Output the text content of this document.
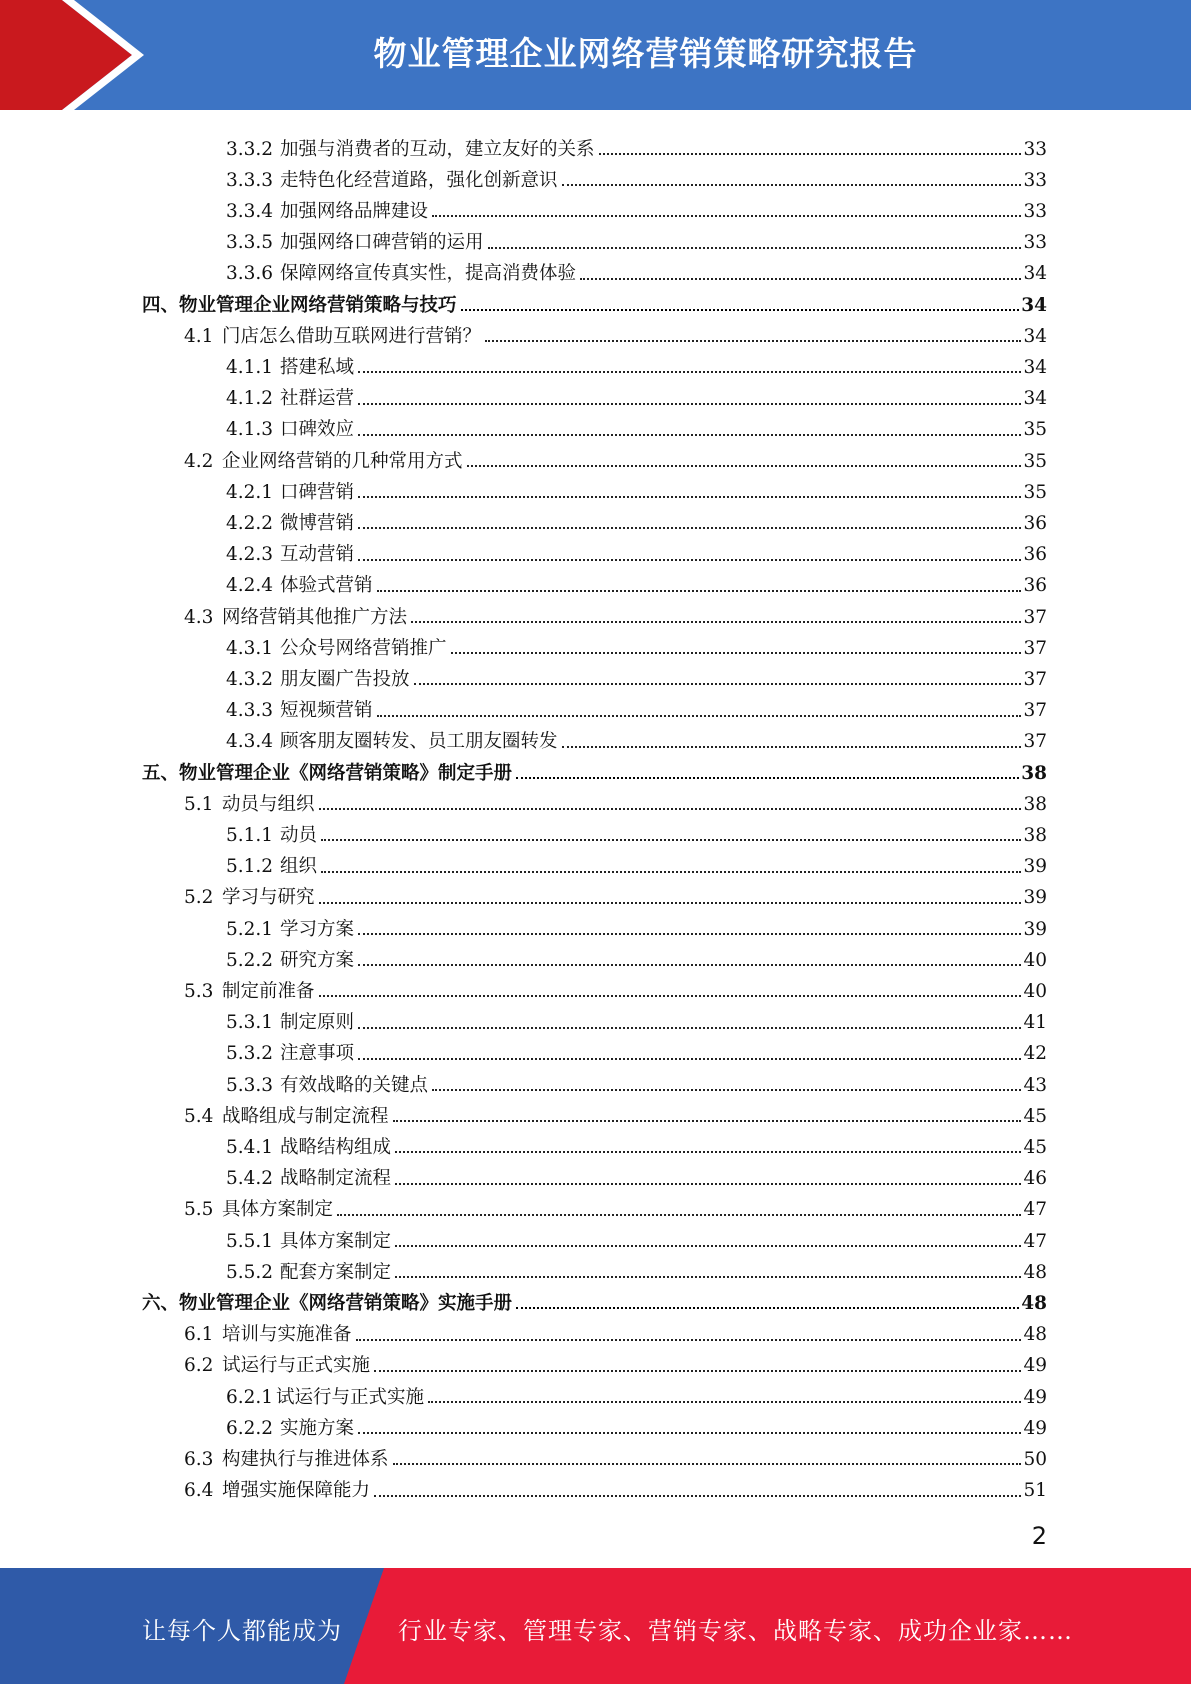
物业管理企业网络营销策略研究报告
3.3.2 加强与消费者的互动，建立友好的关系	33
3.3.3 走特色化经营道路，强化创新意识	33
3.3.4 加强网络品牌建设	33
3.3.5 加强网络口碑营销的运用	33
3.3.6 保障网络宣传真实性，提高消费体验	34
四、 物业管理企业网络营销策略与技巧	34
4.1 门店怎么借助互联网进行营销？	34
4.1.1 搭建私域	34
4.1.2 社群运营	34
4.1.3 口碑效应	35
4.2 企业网络营销的几种常用方式	35
4.2.1 口碑营销	35
4.2.2 微博营销	36
4.2.3 互动营销	36
4.2.4 体验式营销	36
4.3 网络营销其他推广方法	37
4.3.1 公众号网络营销推广	37
4.3.2 朋友圈广告投放	37
4.3.3 短视频营销	37
4.3.4 顾客朋友圈转发、员工朋友圈转发	37
五、 物业管理企业《网络营销策略》制定手册	38
5.1 动员与组织	38
5.1.1 动员	38
5.1.2 组织	39
5.2 学习与研究	39
5.2.1 学习方案	39
5.2.2 研究方案	40
5.3 制定前准备	40
5.3.1 制定原则	41
5.3.2 注意事项	42
5.3.3 有效战略的关键点	43
5.4 战略组成与制定流程	45
5.4.1 战略结构组成	45
5.4.2 战略制定流程	46
5.5 具体方案制定	47
5.5.1 具体方案制定	47
5.5.2 配套方案制定	48
六、 物业管理企业《网络营销策略》实施手册	48
6.1 培训与实施准备	48
6.2 试运行与正式实施	49
6.2.1 试运行与正式实施	49
6.2.2 实施方案	49
6.3 构建执行与推进体系	50
6.4 增强实施保障能力	51
2
让每个人都能成为 行业专家、管理专家、营销专家、战略专家、成功企业家……
